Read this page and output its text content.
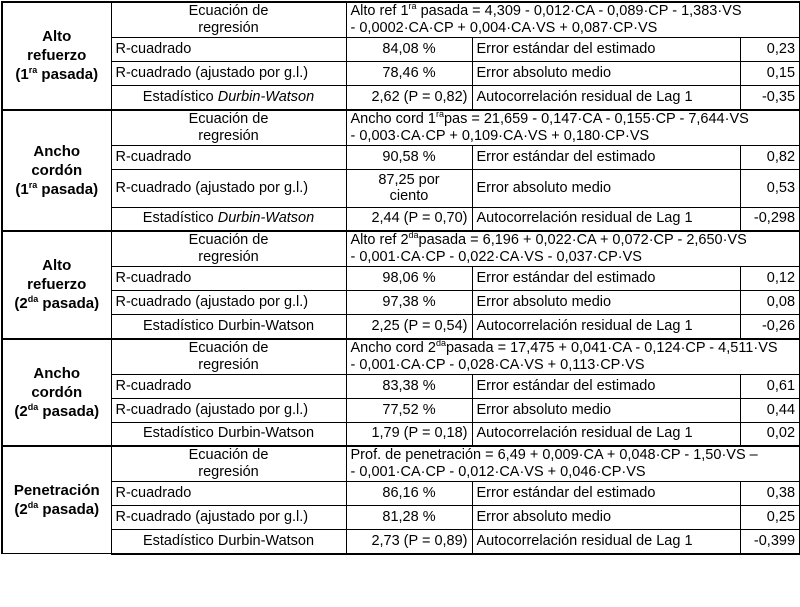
Alto
refuerzo
($1^{ra}$ pasada)	Ecuación de
regresión	Alto ref $1^{ra}$ pasada = 4,309 - 0,012·CA - 0,089·CP - 1,383·VS
- 0,0002·CA·CP + 0,004·CA·VS + 0,087·CP·VS		
	R-cuadrado	84,08 %	Error estándar del estimado	0,23
	R-cuadrado (ajustado por g.l.)	78,46 %	Error absoluto medio	0,15
	Estadístico Durbin-Watson	2,62 (P = 0,82)	Autocorrelación residual de Lag 1	-0,35
Ancho
cordón
($1^{ra}$ pasada)	Ecuación de
regresión	Ancho cord $1^{ra}pas = 21,659 - 0,147\cdot CA - 0,155\cdot CP - 7,644\cdot VS$
- 0,003·CA·CP + 0,109·CA·VS + 0,180·CP·VS		
	R-cuadrado	90,58 %	Error estándar del estimado	0,82
	R-cuadrado (ajustado por g.l.)	87,25 por
ciento	Error absoluto medio	0,53
	Estadístico Durbin-Watson	2,44 (P = 0,70)	Autocorrelación residual de Lag 1	-0,298
Alto
refuerzo
($2^{da}$ pasada)	Ecuación de
regresión	Alto ref $2^{da}pasada = 6,196 + 0,022\cdot CA + 0,072\cdot CP - 2,650\cdot VS$
- 0,001·CA·CP - 0,022·CA·VS - 0,037·CP·VS		
	R-cuadrado	98,06 %	Error estándar del estimado	0,12
	R-cuadrado (ajustado por g.l.)	97,38 %	Error absoluto medio	0,08
	Estadístico Durbin-Watson	2,25 (P = 0,54)	Autocorrelación residual de Lag 1	-0,26
Ancho
cordón
($2^{da}$ pasada)	Ecuación de
regresión	Ancho cord $2^{da}pasada = 17,475 + 0,041\cdot CA - 0,124\cdot CP - 4,511\cdot VS$
- 0,001·CA·CP - 0,028·CA·VS + 0,113·CP·VS		
	R-cuadrado	83,38 %	Error estándar del estimado	0,61
	R-cuadrado (ajustado por g.l.)	77,52 %	Error absoluto medio	0,44
	Estadístico Durbin-Watson	1,79 (P = 0,18)	Autocorrelación residual de Lag 1	0,02
Penetración
($2^{da}$ pasada)	Ecuación de
regresión	Prof. de penetración = 6,49 + 0,009·CA + 0,048·CP - 1,50·VS –
- 0,001·CA·CP - 0,012·CA·VS + 0,046·CP·VS		
	R-cuadrado	86,16 %	Error estándar del estimado	0,38
	R-cuadrado (ajustado por g.l.)	81,28 %	Error absoluto medio	0,25
	Estadístico Durbin-Watson	2,73 (P = 0,89)	Autocorrelación residual de Lag 1	-0,399
